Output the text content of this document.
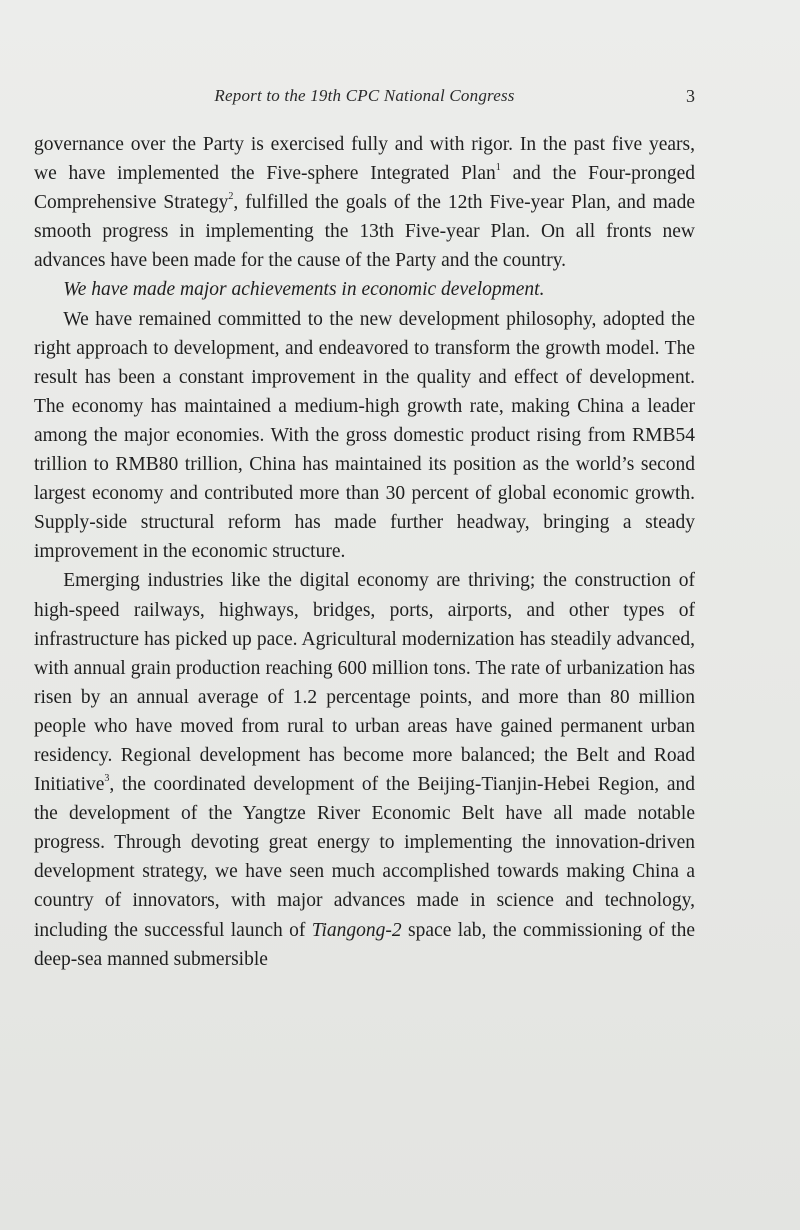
Report to the 19th CPC National Congress	3

governance over the Party is exercised fully and with rigor. In the past five years, we have implemented the Five-sphere Integrated Plan$^1$ and the Four-pronged Comprehensive Strategy$^2$, fulfilled the goals of the 12th Five-year Plan, and made smooth progress in implementing the 13th Five-year Plan. On all fronts new advances have been made for the cause of the Party and the country.

We have made major achievements in economic development.

We have remained committed to the new development philosophy, adopted the right approach to development, and endeavored to transform the growth model. The result has been a constant improvement in the quality and effect of development. The economy has maintained a medium-high growth rate, making China a leader among the major economies. With the gross domestic product rising from RMB54 trillion to RMB80 trillion, China has maintained its position as the world’s second largest economy and contributed more than 30 percent of global economic growth. Supply-side structural reform has made further headway, bringing a steady improvement in the economic structure.

Emerging industries like the digital economy are thriving; the construction of high-speed railways, highways, bridges, ports, airports, and other types of infrastructure has picked up pace. Agricultural modernization has steadily advanced, with annual grain production reaching 600 million tons. The rate of urbanization has risen by an annual average of 1.2 percentage points, and more than 80 million people who have moved from rural to urban areas have gained permanent urban residency. Regional development has become more balanced; the Belt and Road Initiative$^3$, the coordinated development of the Beijing-Tianjin-Hebei Region, and the development of the Yangtze River Economic Belt have all made notable progress. Through devoting great energy to implementing the innovation-driven development strategy, we have seen much accomplished towards making China a country of innovators, with major advances made in science and technology, including the successful launch of Tiangong-2 space lab, the commissioning of the deep-sea manned submersible
